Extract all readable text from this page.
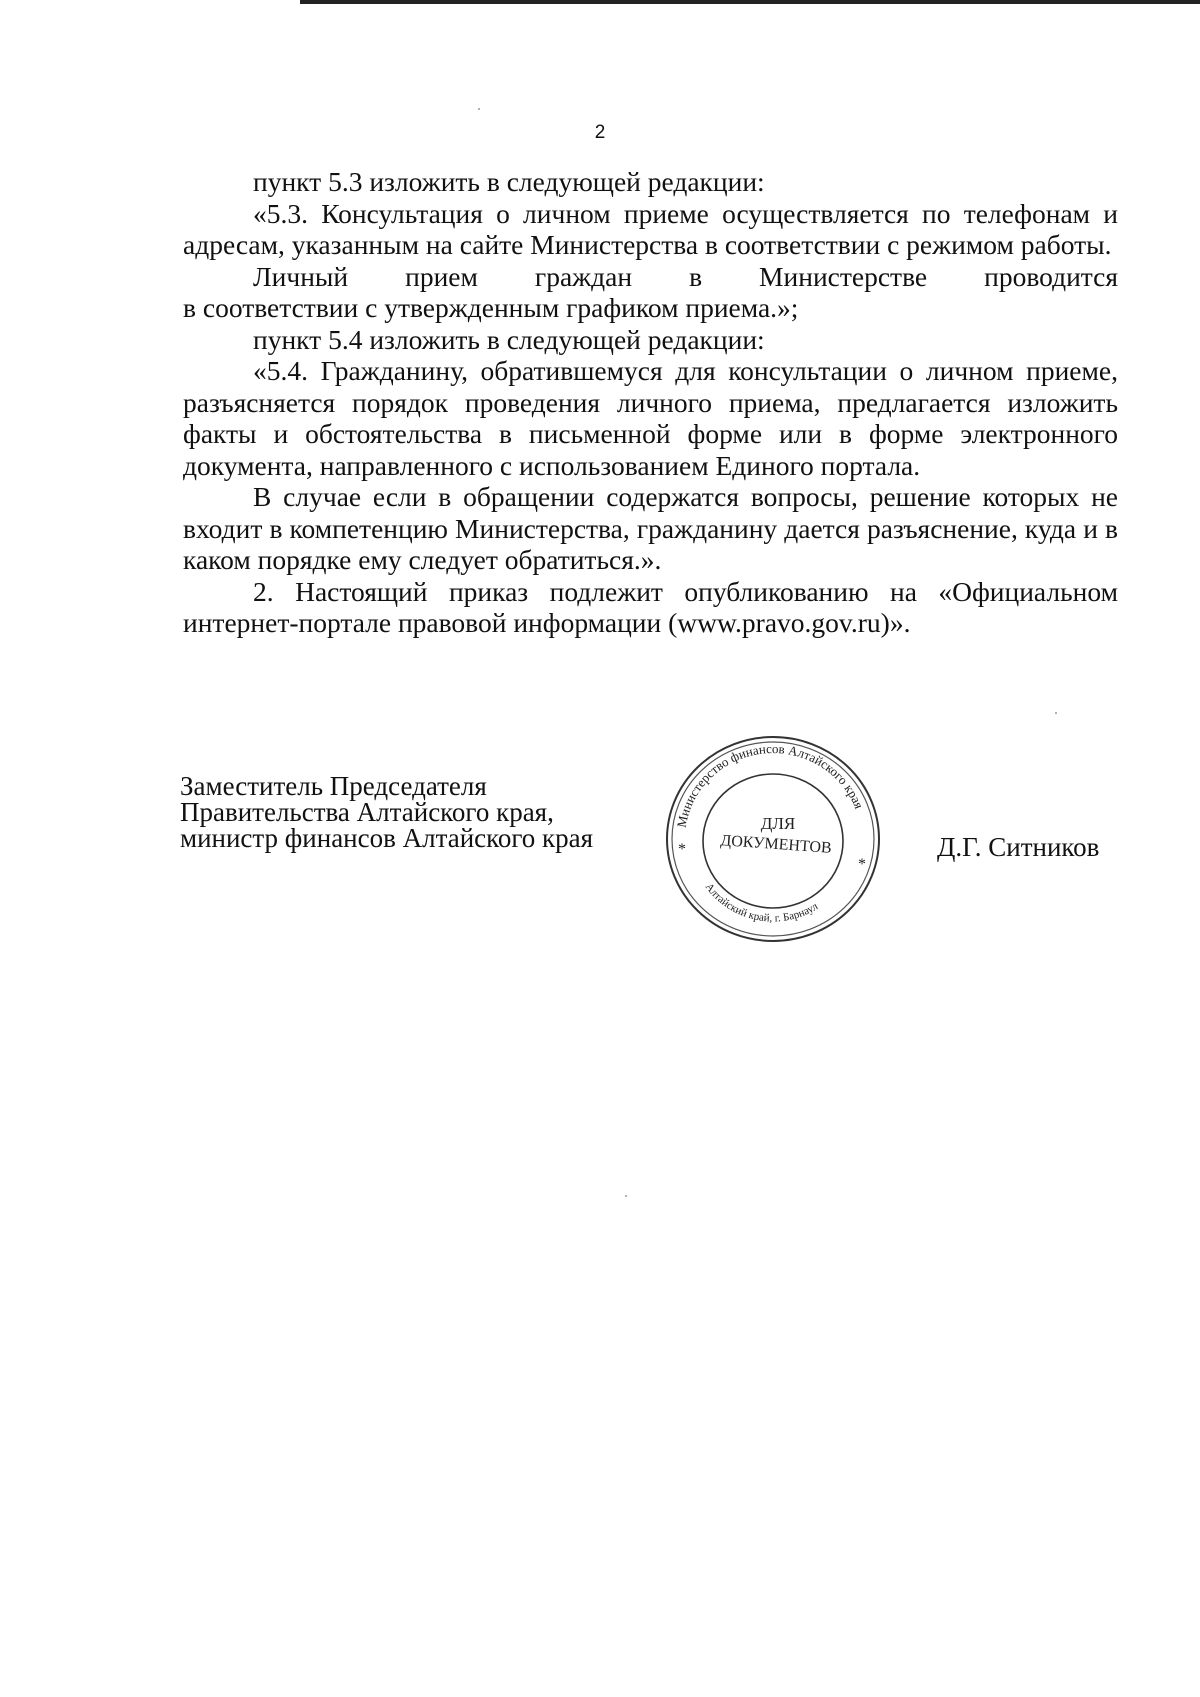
2

пункт 5.3 изложить в следующей редакции:

«5.3. Консультация о личном приеме осуществляется по телефонам и адресам, указанным на сайте Министерства в соответствии с режимом работы.

Личный прием граждан в Министерстве проводится

в соответствии с утвержденным графиком приема.»;

пункт 5.4 изложить в следующей редакции:

«5.4. Гражданину, обратившемуся для консультации о личном приеме, разъясняется порядок проведения личного приема, предлагается изложить факты и обстоятельства в письменной форме или в форме электронного документа, направленного с использованием Единого портала.

В случае если в обращении содержатся вопросы, решение которых не входит в компетенцию Министерства, гражданину дается разъяснение, куда и в каком порядке ему следует обратиться.».

2. Настоящий приказ подлежит опубликованию на «Официальном интернет-портале правовой информации (www.pravo.gov.ru)».

Заместитель Председателя
Правительства Алтайского края,
министр финансов Алтайского края	Д.Г. Ситников
Министерство финансов Алтайского края
Алтайский край, г. Барнаул
*
*
ДЛЯ
ДОКУМЕНТОВ
